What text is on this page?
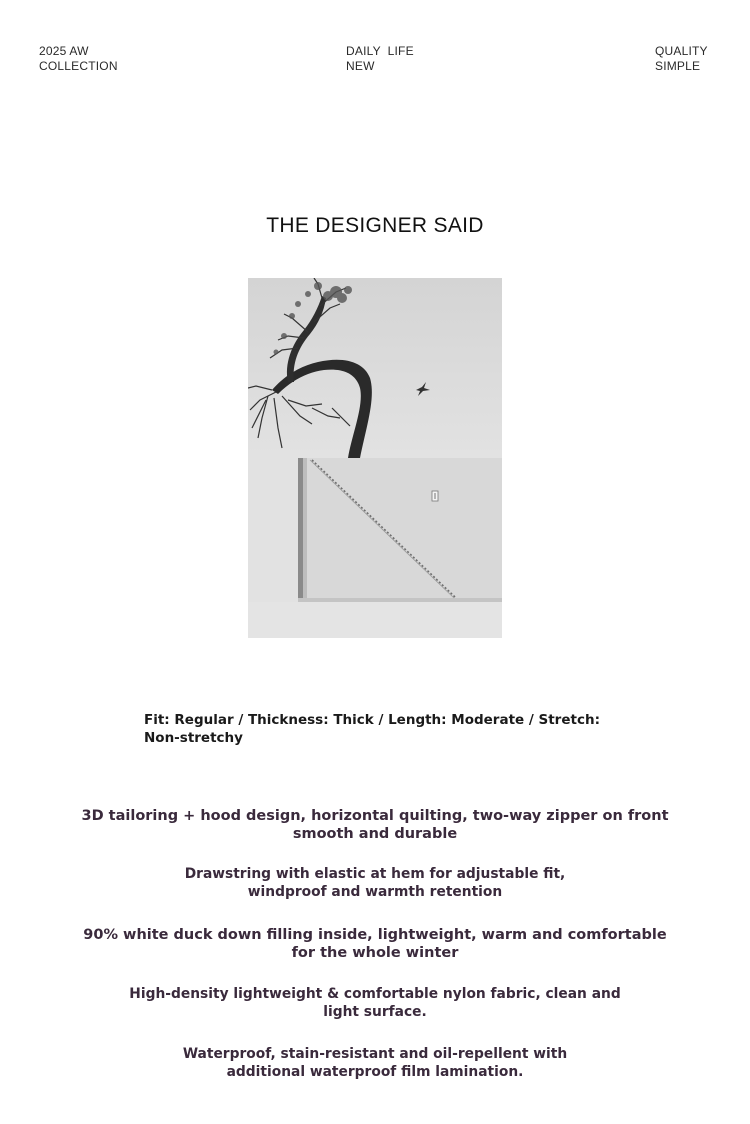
2025 AW
COLLECTION
DAILY  LIFE
NEW
QUALITY
SIMPLE
THE DESIGNER SAID
Fit: Regular / Thickness: Thick / Length: Moderate / Stretch: Non-stretchy
3D tailoring + hood design, horizontal quilting, two-way zipper on front
smooth and durable
Drawstring with elastic at hem for adjustable fit,
windproof and warmth retention
90% white duck down filling inside, lightweight, warm and comfortable
for the whole winter
High-density lightweight & comfortable nylon fabric, clean and
light surface.
Waterproof, stain-resistant and oil-repellent with
additional waterproof film lamination.
